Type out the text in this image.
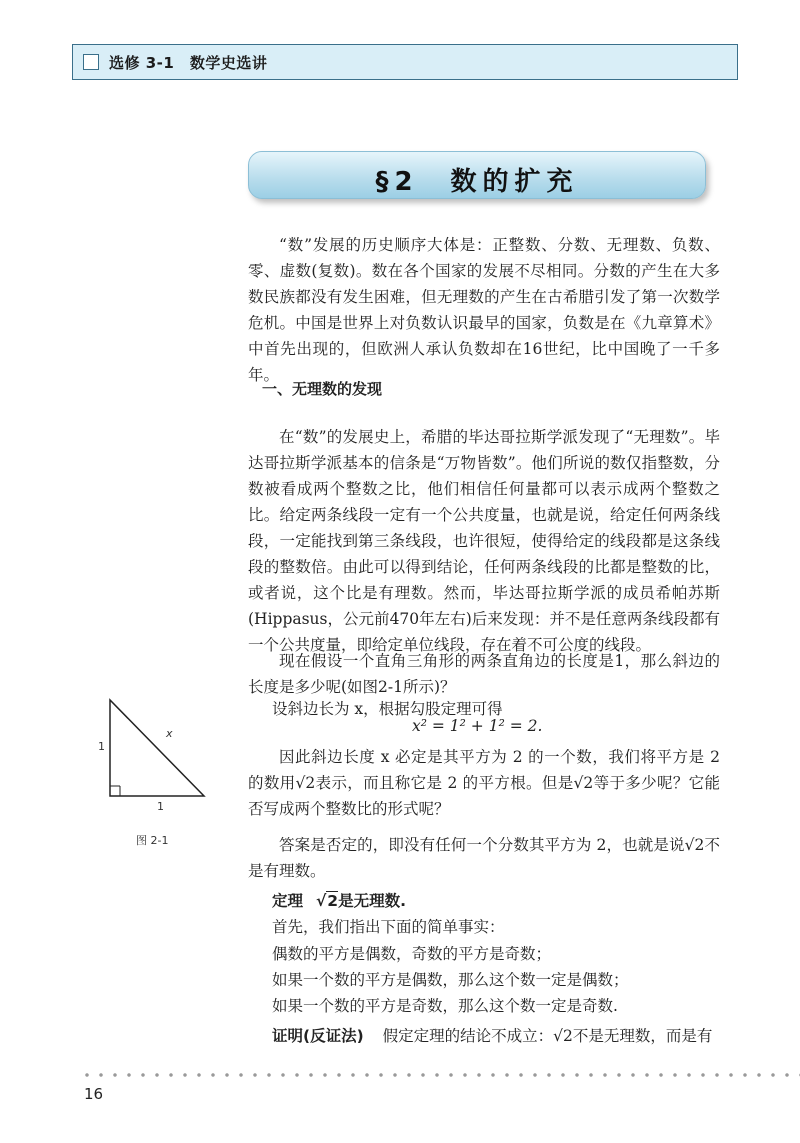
选修 3-1　数学史选讲
§2　数的扩充

“数”发展的历史顺序大体是：正整数、分数、无理数、负数、零、虚数(复数)。数在各个国家的发展不尽相同。分数的产生在大多数民族都没有发生困难，但无理数的产生在古希腊引发了第一次数学危机。中国是世界上对负数认识最早的国家，负数是在《九章算术》中首先出现的，但欧洲人承认负数却在16世纪，比中国晚了一千多年。

一、无理数的发现

在“数”的发展史上，希腊的毕达哥拉斯学派发现了“无理数”。毕达哥拉斯学派基本的信条是“万物皆数”。他们所说的数仅指整数，分数被看成两个整数之比，他们相信任何量都可以表示成两个整数之比。给定两条线段一定有一个公共度量，也就是说，给定任何两条线段，一定能找到第三条线段，也许很短，使得给定的线段都是这条线段的整数倍。由此可以得到结论，任何两条线段的比都是整数的比，或者说，这个比是有理数。然而，毕达哥拉斯学派的成员希帕苏斯(Hippasus，公元前470年左右)后来发现：并不是任意两条线段都有一个公共度量，即给定单位线段，存在着不可公度的线段。

现在假设一个直角三角形的两条直角边的长度是1，那么斜边的长度是多少呢(如图2-1所示)？

设斜边长为 x，根据勾股定理可得
x² = 1² + 1² = 2.

因此斜边长度 x 必定是其平方为 2 的一个数，我们将平方是 2 的数用√2表示，而且称它是 2 的平方根。但是√2等于多少呢？它能否写成两个整数比的形式呢？

答案是否定的，即没有任何一个分数其平方为 2，也就是说√2不是有理数。

定理 √2是无理数.
首先，我们指出下面的简单事实：
偶数的平方是偶数，奇数的平方是奇数；
如果一个数的平方是偶数，那么这个数一定是偶数；
如果一个数的平方是奇数，那么这个数一定是奇数.
证明(反证法) 假定定理的结论不成立：√2不是无理数，而是有
1
1
x
图 2-1
16
